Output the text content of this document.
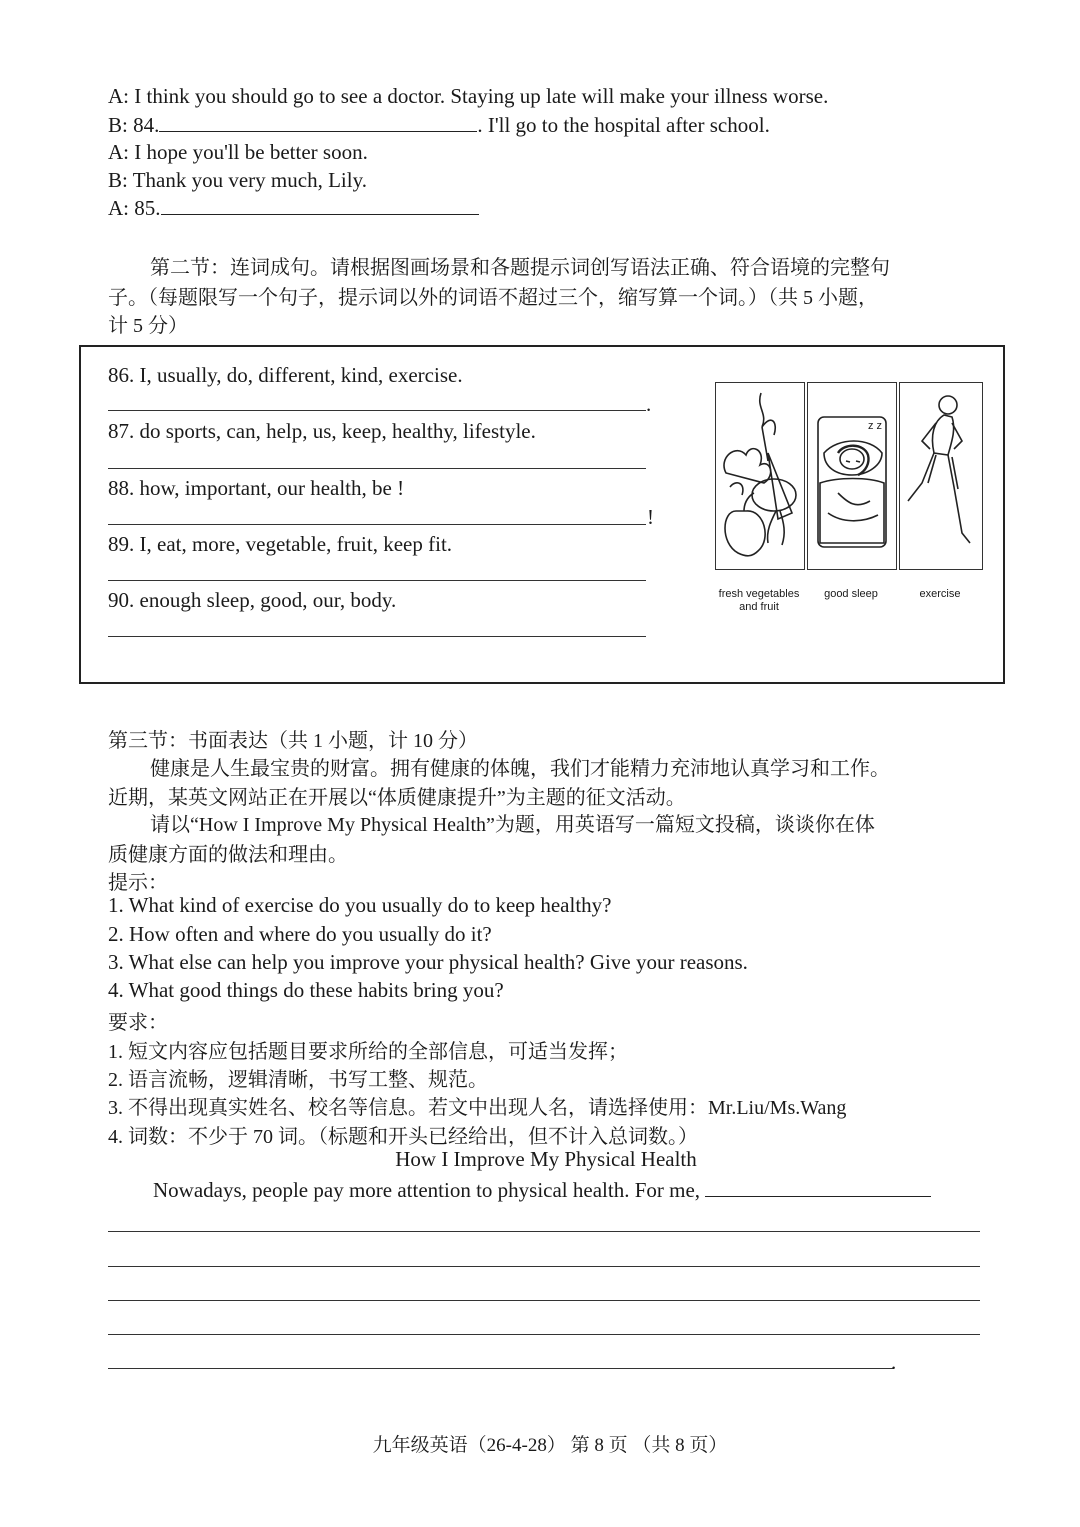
A: I think you should go to see a doctor. Staying up late will make your illness worse.
B: 84.	. I'll go to the hospital after school.
A: I hope you'll be better soon.
B: Thank you very much, Lily.
A: 85.
第二节：连词成句。请根据图画场景和各题提示词创写语法正确、符合语境的完整句
子。（每题限写一个句子，提示词以外的词语不超过三个，缩写算一个词。）（共 5 小题，
计 5 分）
86. I, usually, do, different, kind, exercise.
.
87. do sports, can, help, us, keep, healthy, lifestyle.
88. how, important, our health, be !
!
89. I, eat, more, vegetable, fruit, keep fit.
90. enough sleep, good, our, body.
z z
fresh vegetables and fruit
good sleep	exercise
第三节：书面表达（共 1 小题，计 10 分）
健康是人生最宝贵的财富。拥有健康的体魄，我们才能精力充沛地认真学习和工作。
近期，某英文网站正在开展以“体质健康提升”为主题的征文活动。
请以“How I Improve My Physical Health”为题，用英语写一篇短文投稿，谈谈你在体
质健康方面的做法和理由。
提示：
1. What kind of exercise do you usually do to keep healthy?
2. How often and where do you usually do it?
3. What else can help you improve your physical health? Give your reasons.
4. What good things do these habits bring you?
要求：
1. 短文内容应包括题目要求所给的全部信息，可适当发挥；
2. 语言流畅，逻辑清晰，书写工整、规范。
3. 不得出现真实姓名、校名等信息。若文中出现人名，请选择使用：Mr.Liu/Ms.Wang
4. 词数：不少于 70 词。（标题和开头已经给出，但不计入总词数。）
How I Improve My Physical Health
Nowadays, people pay more attention to physical health. For me,
.
九年级英语（26-4-28） 第 8 页 （共 8 页）
